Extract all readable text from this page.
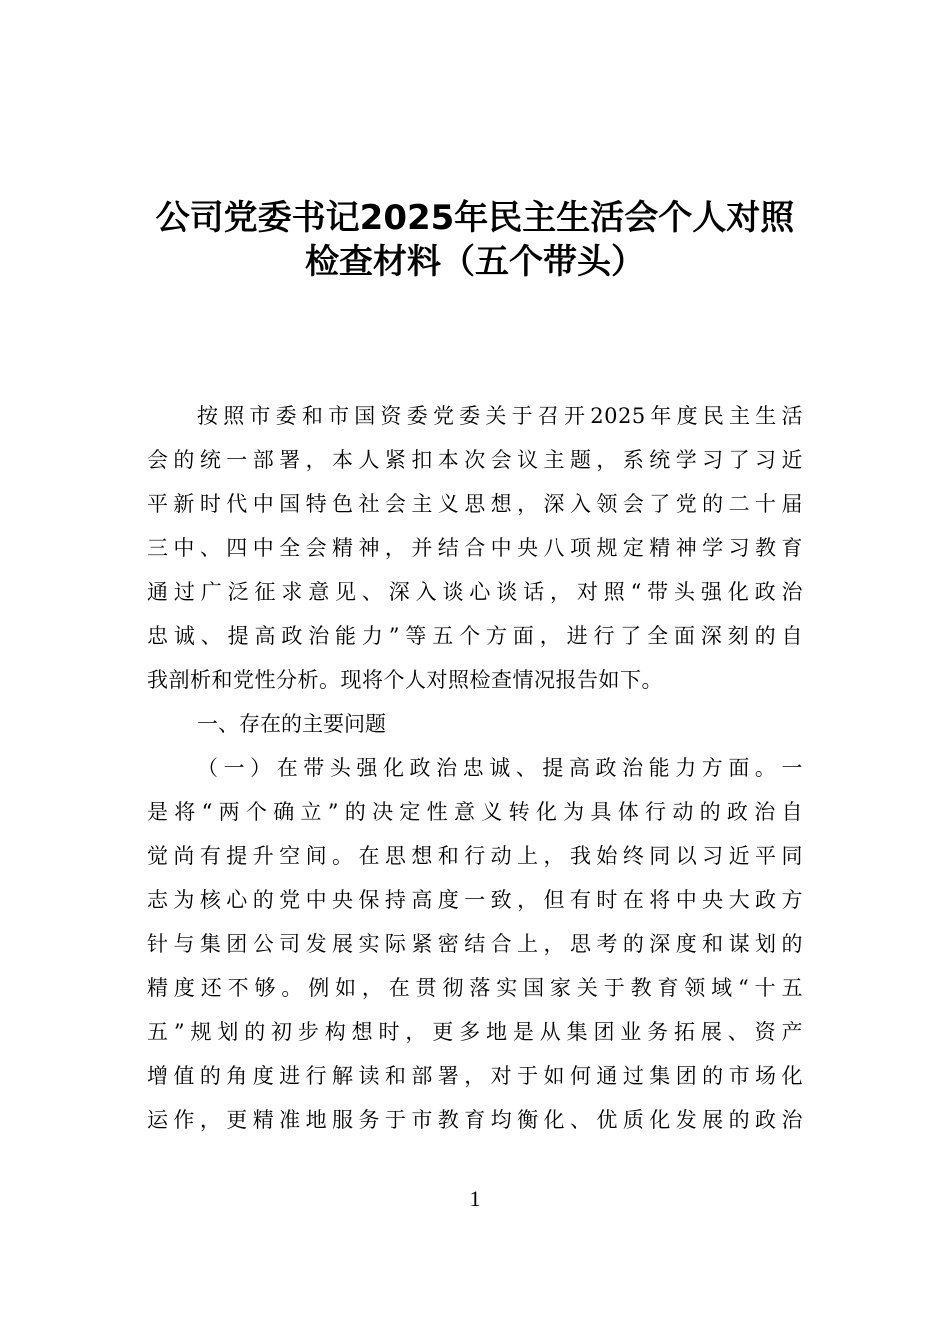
公司党委书记2025年民主生活会个人对照
检查材料（五个带头）
按照市委和市国资委党委关于召开2025年度民主生活
会的统一部署，本人紧扣本次会议主题，系统学习了习近
平新时代中国特色社会主义思想，深入领会了党的二十届
三中、四中全会精神，并结合中央八项规定精神学习教育
通过广泛征求意见、深入谈心谈话，对照“带头强化政治
忠诚、提高政治能力”等五个方面，进行了全面深刻的自
我剖析和党性分析。现将个人对照检查情况报告如下。
一、存在的主要问题
（一）在带头强化政治忠诚、提高政治能力方面。一
是将“两个确立”的决定性意义转化为具体行动的政治自
觉尚有提升空间。在思想和行动上，我始终同以习近平同
志为核心的党中央保持高度一致，但有时在将中央大政方
针与集团公司发展实际紧密结合上，思考的深度和谋划的
精度还不够。例如，在贯彻落实国家关于教育领域“十五
五”规划的初步构想时，更多地是从集团业务拓展、资产
增值的角度进行解读和部署，对于如何通过集团的市场化
运作，更精准地服务于市教育均衡化、优质化发展的政治
1
